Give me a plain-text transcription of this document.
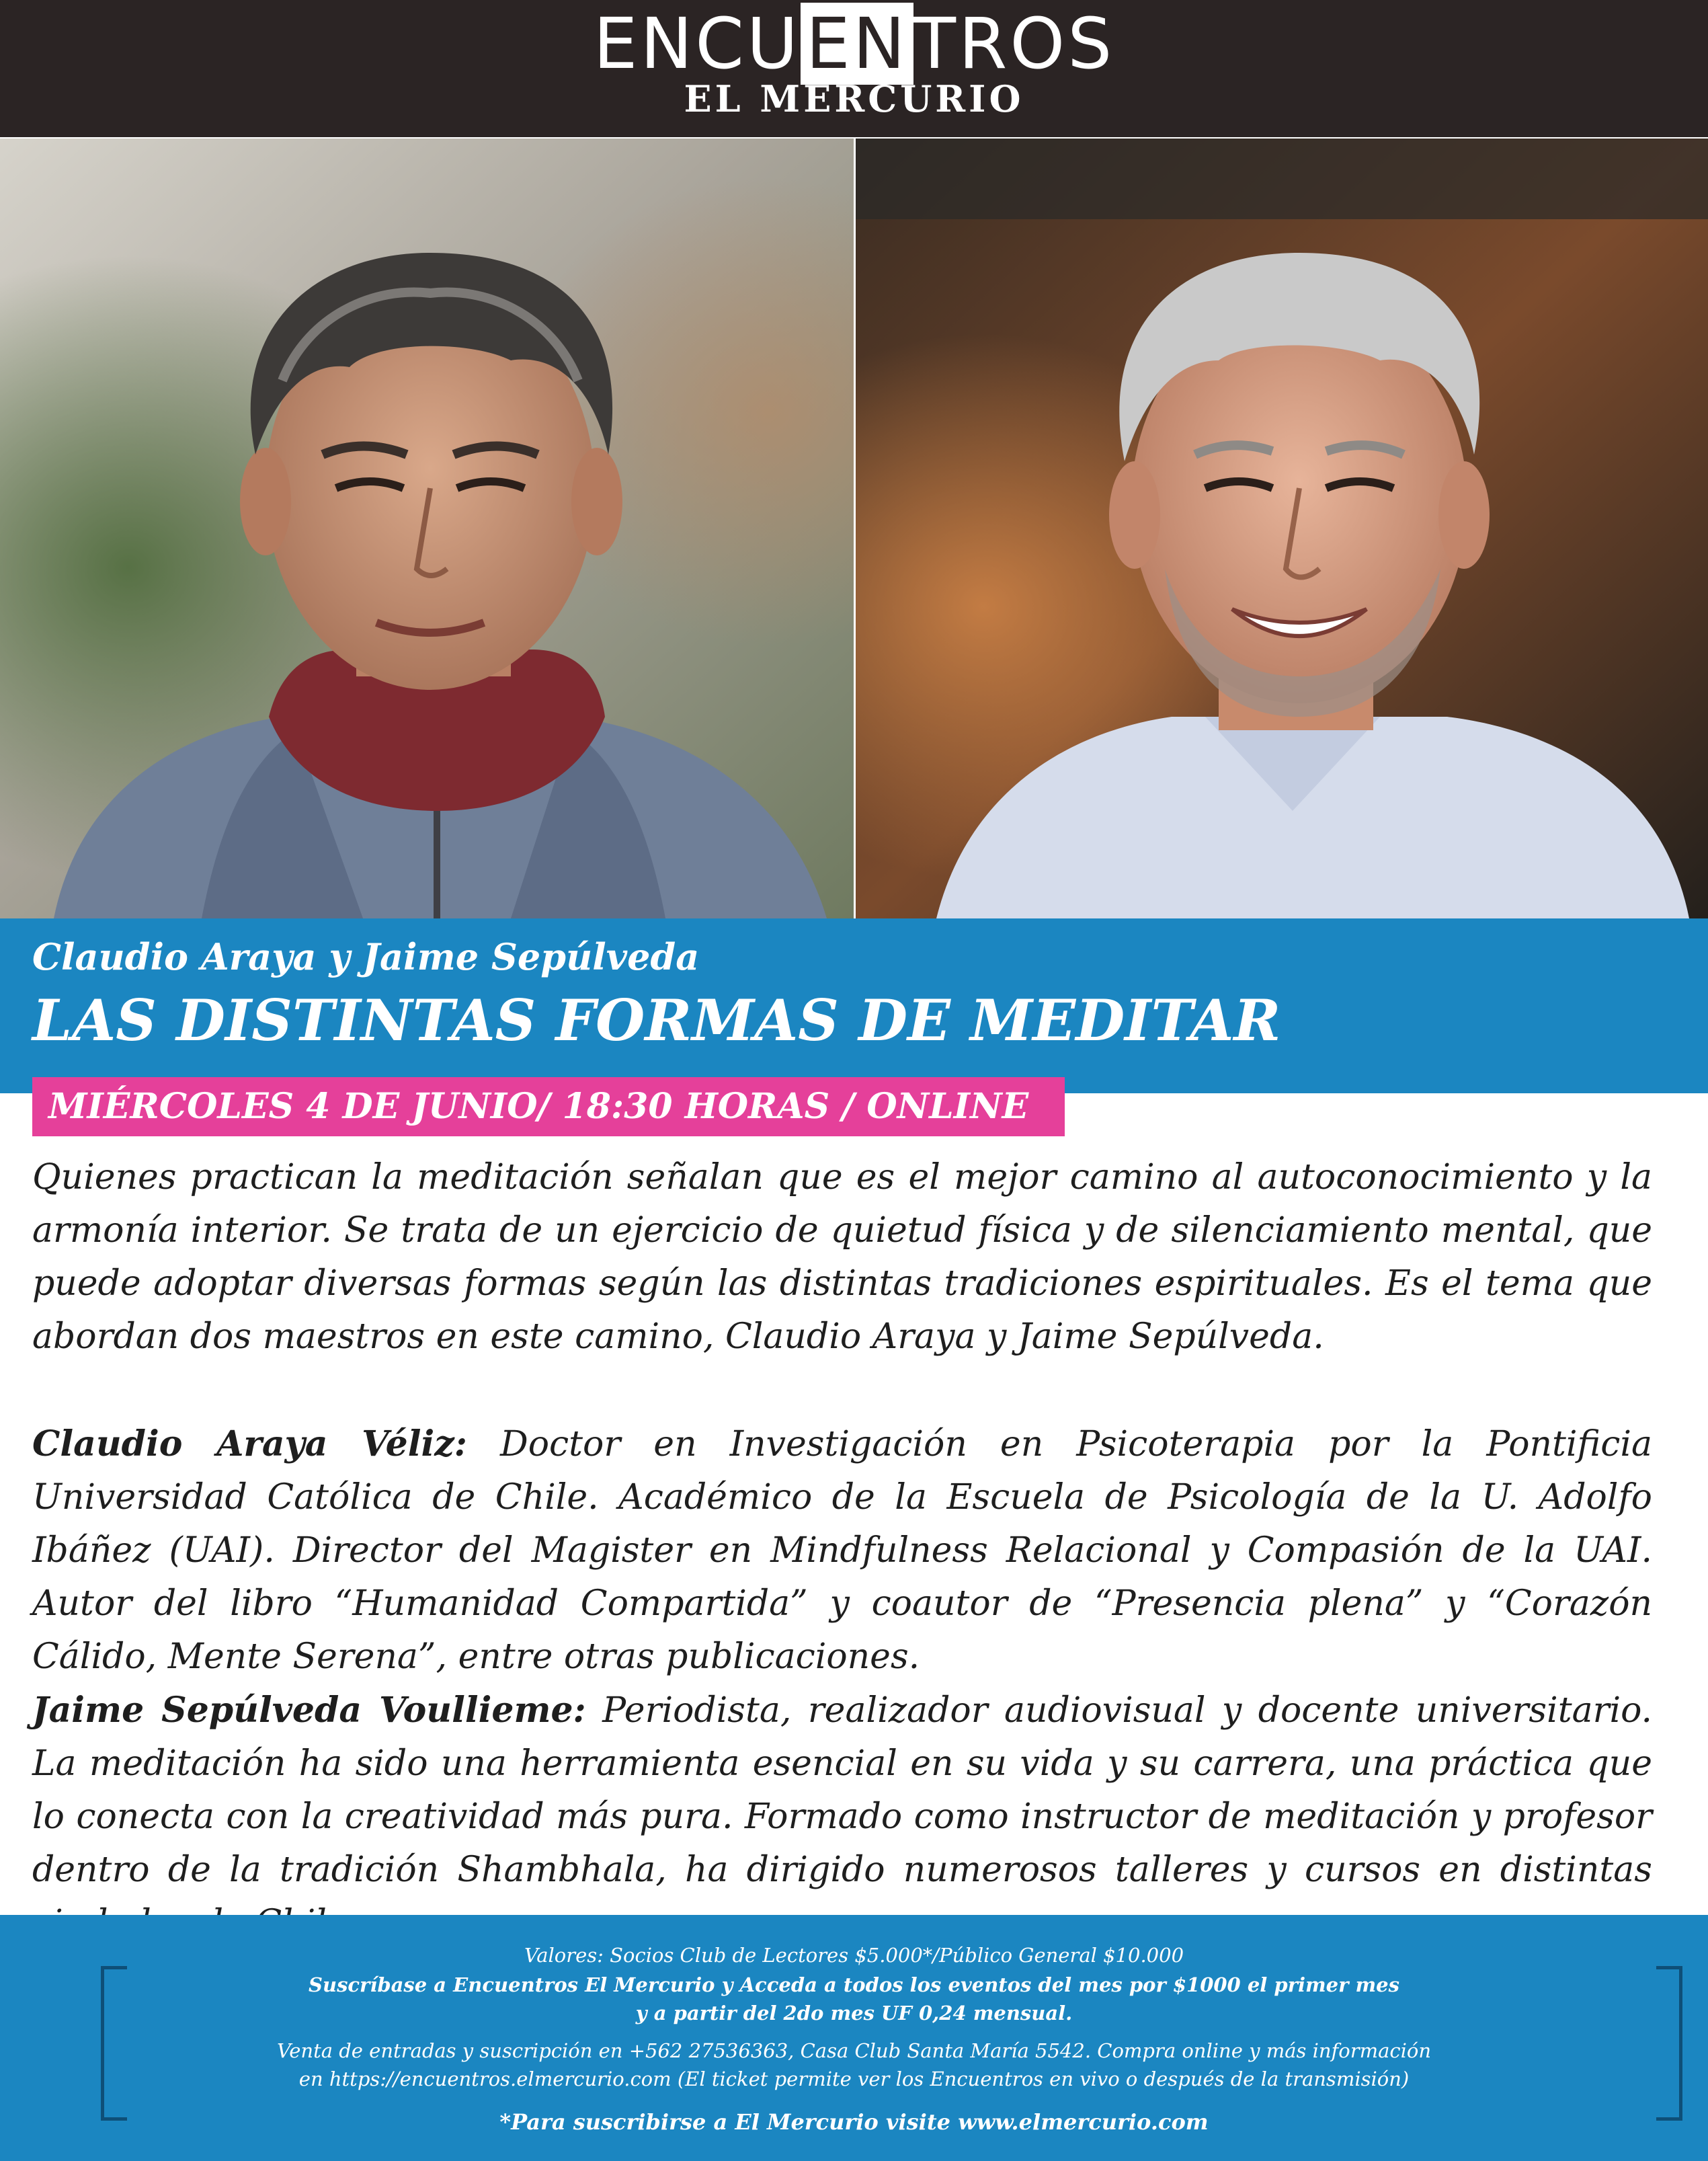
ENCUENTROS
EL MERCURIO
Claudio Araya y Jaime Sepúlveda
LAS DISTINTAS FORMAS DE MEDITAR
MIÉRCOLES 4 DE JUNIO/ 18:30 HORAS / ONLINE
Quienes practican la meditación señalan que es el mejor camino al autoconocimiento y la armonía interior. Se trata de un ejercicio de quietud física y de silenciamiento mental, que puede adoptar diversas formas según las distintas tradiciones espirituales. Es el tema que abordan dos maestros en este camino, Claudio Araya y Jaime Sepúlveda.
Claudio Araya Véliz: Doctor en Investigación en Psicoterapia por la Pontificia Universidad Católica de Chile. Académico de la Escuela de Psicología de la U. Adolfo Ibáñez (UAI). Director del Magister en Mindfulness Relacional y Compasión de la UAI. Autor del libro “Humanidad Compartida” y coautor de “Presencia plena” y “Corazón Cálido, Mente Serena”, entre otras publicaciones.
Jaime Sepúlveda Voullieme: Periodista, realizador audiovisual y docente universitario. La meditación ha sido una herramienta esencial en su vida y su carrera, una práctica que lo conecta con la creatividad más pura. Formado como instructor de meditación y profesor dentro de la tradición Shambhala, ha dirigido numerosos talleres y cursos en distintas
Valores: Socios Club de Lectores $5.000*/Público General $10.000
Suscríbase a Encuentros El Mercurio y Acceda a todos los eventos del mes por $1000 el primer mes
y a partir del 2do mes UF 0,24 mensual.
Venta de entradas y suscripción en +562 27536363, Casa Club Santa María 5542. Compra online y más información
en https://encuentros.elmercurio.com (El ticket permite ver los Encuentros en vivo o después de la transmisión)
*Para suscribirse a El Mercurio visite www.elmercurio.com
